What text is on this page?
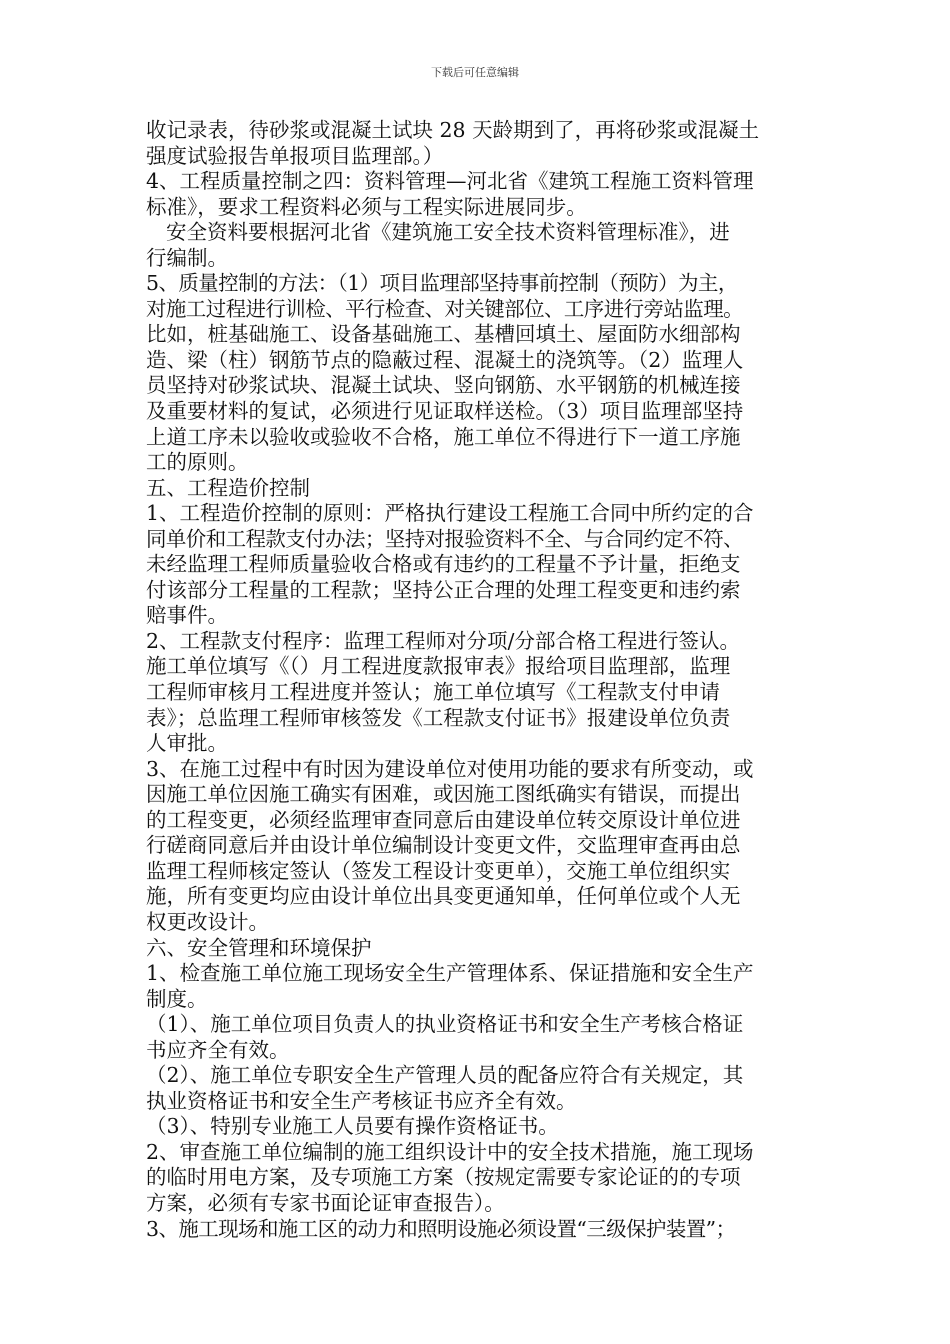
下载后可任意编辑

收记录表，待砂浆或混凝土试块 28 天龄期到了，再将砂浆或混凝土

强度试验报告单报项目监理部。）

4、工程质量控制之四：资料管理—河北省《建筑工程施工资料管理

标准》，要求工程资料必须与工程实际进展同步。

安全资料要根据河北省《建筑施工安全技术资料管理标准》，进

行编制。

5、质量控制的方法：（1）项目监理部坚持事前控制（预防）为主，

对施工过程进行训检、平行检查、对关键部位、工序进行旁站监理。

比如，桩基础施工、设备基础施工、基槽回填土、屋面防水细部构

造、梁（柱）钢筋节点的隐蔽过程、混凝土的浇筑等。（2）监理人

员坚持对砂浆试块、混凝土试块、竖向钢筋、水平钢筋的机械连接

及重要材料的复试，必须进行见证取样送检。（3）项目监理部坚持

上道工序未以验收或验收不合格，施工单位不得进行下一道工序施

工的原则。

五、工程造价控制

1、工程造价控制的原则：严格执行建设工程施工合同中所约定的合

同单价和工程款支付办法；坚持对报验资料不全、与合同约定不符、

未经监理工程师质量验收合格或有违约的工程量不予计量，拒绝支

付该部分工程量的工程款；坚持公正合理的处理工程变更和违约索

赔事件。

2、工程款支付程序：监理工程师对分项/分部合格工程进行签认。

施工单位填写《（）月工程进度款报审表》报给项目监理部，监理

工程师审核月工程进度并签认；施工单位填写《工程款支付申请

表》；总监理工程师审核签发《工程款支付证书》报建设单位负责

人审批。

3、在施工过程中有时因为建设单位对使用功能的要求有所变动，或

因施工单位因施工确实有困难，或因施工图纸确实有错误，而提出

的工程变更，必须经监理审查同意后由建设单位转交原设计单位进

行磋商同意后并由设计单位编制设计变更文件，交监理审查再由总

监理工程师核定签认（签发工程设计变更单），交施工单位组织实

施，所有变更均应由设计单位出具变更通知单，任何单位或个人无

权更改设计。

六、安全管理和环境保护

1、检查施工单位施工现场安全生产管理体系、保证措施和安全生产

制度。

（1）、施工单位项目负责人的执业资格证书和安全生产考核合格证

书应齐全有效。

（2）、施工单位专职安全生产管理人员的配备应符合有关规定，其

执业资格证书和安全生产考核证书应齐全有效。

（3）、特别专业施工人员要有操作资格证书。

2、审查施工单位编制的施工组织设计中的安全技术措施，施工现场

的临时用电方案，及专项施工方案（按规定需要专家论证的的专项

方案，必须有专家书面论证审查报告）。

3、施工现场和施工区的动力和照明设施必须设置“三级保护装置”；
